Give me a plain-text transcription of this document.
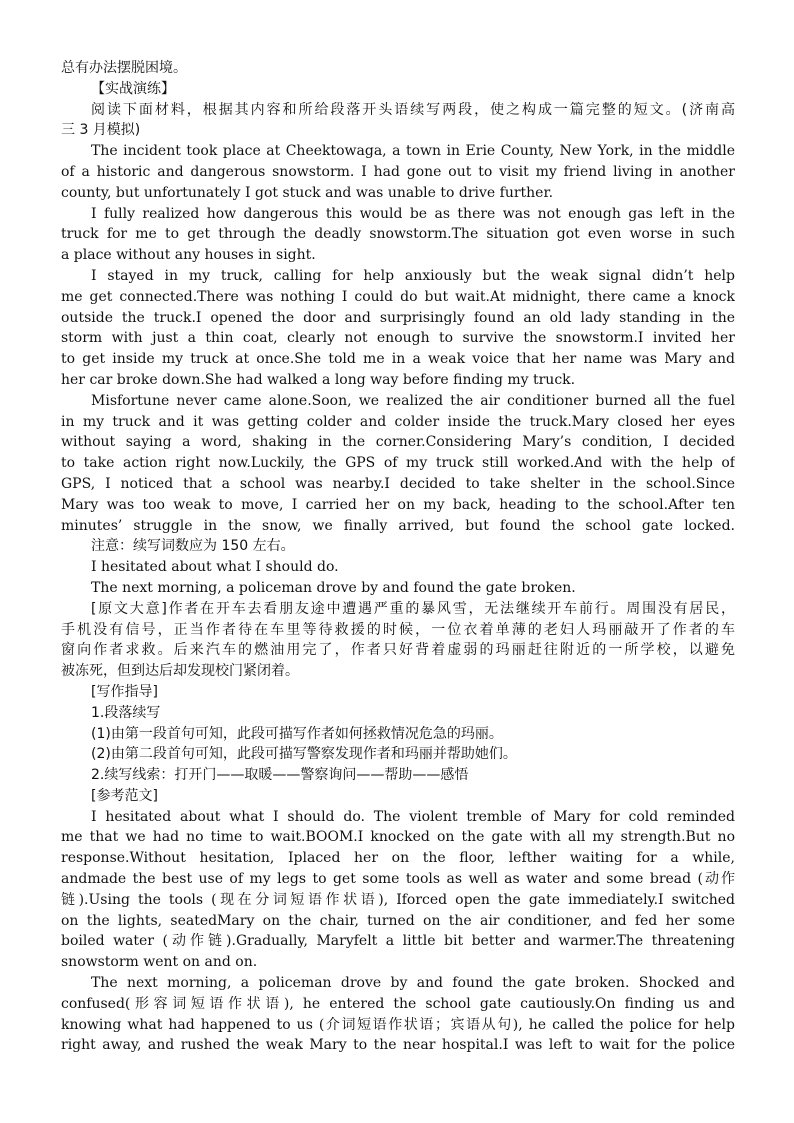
总有办法摆脱困境。
【实战演练】
阅读下面材料，根据其内容和所给段落开头语续写两段，使之构成一篇完整的短文。(济南高
三 3 月模拟)
The incident took place at Cheektowaga, a town in Erie County, New York, in the middle
of a historic and dangerous snowstorm. I had gone out to visit my friend living in another
county, but unfortunately I got stuck and was unable to drive further.
I fully realized how dangerous this would be as there was not enough gas left in the
truck for me to get through the deadly snowstorm.The situation got even worse in such
a place without any houses in sight.
I stayed in my truck, calling for help anxiously but the weak signal didn’t help
me get connected.There was nothing I could do but wait.At midnight, there came a knock
outside the truck.I opened the door and surprisingly found an old lady standing in the
storm with just a thin coat, clearly not enough to survive the snowstorm.I invited her
to get inside my truck at once.She told me in a weak voice that her name was Mary and
her car broke down.She had walked a long way before finding my truck.
Misfortune never came alone.Soon, we realized the air conditioner burned all the fuel
in my truck and it was getting colder and colder inside the truck.Mary closed her eyes
without saying a word, shaking in the corner.Considering Mary’s condition, I decided
to take action right now.Luckily, the GPS of my truck still worked.And with the help of
GPS, I noticed that a school was nearby.I decided to take shelter in the school.Since
Mary was too weak to move, I carried her on my back, heading to the school.After ten
minutes’ struggle in the snow, we finally arrived, but found the school gate locked.
注意：续写词数应为 150 左右。
I hesitated about what I should do.
The next morning, a policeman drove by and found the gate broken.
[原文大意]作者在开车去看朋友途中遭遇严重的暴风雪，无法继续开车前行。周围没有居民，
手机没有信号，正当作者待在车里等待救援的时候，一位衣着单薄的老妇人玛丽敲开了作者的车
窗向作者求救。后来汽车的燃油用完了，作者只好背着虚弱的玛丽赶往附近的一所学校，以避免
被冻死，但到达后却发现校门紧闭着。
[写作指导]
1.段落续写
(1)由第一段首句可知，此段可描写作者如何拯救情况危急的玛丽。
(2)由第二段首句可知，此段可描写警察发现作者和玛丽并帮助她们。
2.续写线索：打开门——取暖——警察询问——帮助——感悟
[参考范文]
I hesitated about what I should do. The violent tremble of Mary for cold reminded
me that we had no time to wait.BOOM.I knocked on the gate with all my strength.But no
response.Without hesitation, Iplaced her on the floor, lefther waiting for a while,
andmade the best use of my legs to get some tools as well as water and some bread (动作
链).Using the tools (现在分词短语作状语), Iforced open the gate immediately.I switched
on the lights, seatedMary on the chair, turned on the air conditioner, and fed her some
boiled water (动作链).Gradually, Maryfelt a little bit better and warmer.The threatening
snowstorm went on and on.
The next morning, a policeman drove by and found the gate broken. Shocked and
confused(形容词短语作状语), he entered the school gate cautiously.On finding us and
knowing what had happened to us (介词短语作状语；宾语从句), he called the police for help
right away, and rushed the weak Mary to the near hospital.I was left to wait for the police
